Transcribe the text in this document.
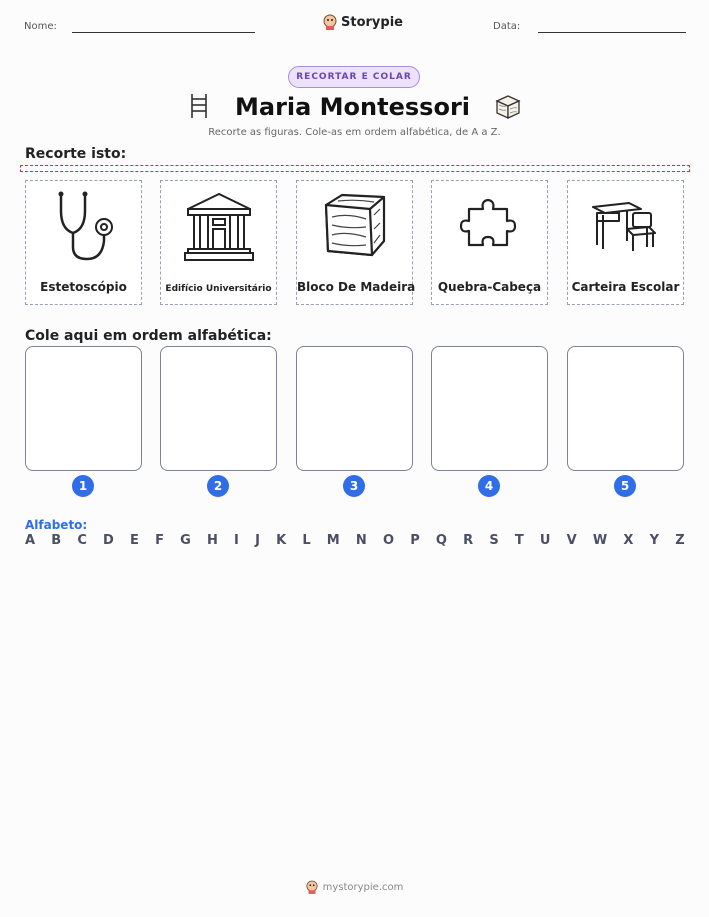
Nome:	Storypie	Data:
RECORTAR E COLAR
Maria Montessori
Recorte as figuras. Cole-as em ordem alfabética, de A a Z.
Recorte isto:
Estetoscópio	Edifício Universitário	Bloco De Madeira	Quebra-Cabeça	Carteira Escolar
Cole aqui em ordem alfabética:
1	2	3	4	5
Alfabeto:
A B C D E F G H I J K L M N O P Q R S T U V W X Y Z
mystorypie.com
